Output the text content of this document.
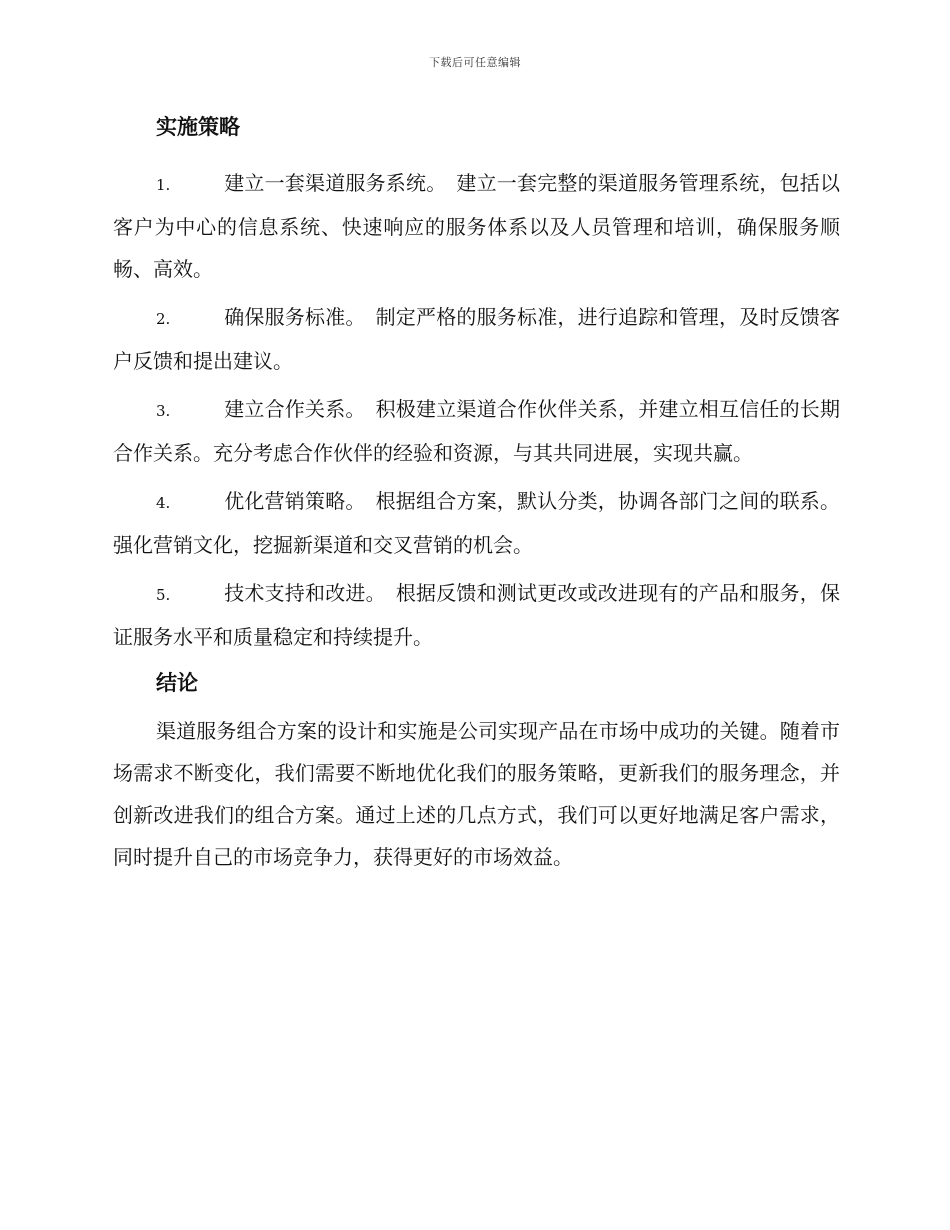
下载后可任意编辑
实施策略

1.	建立一套渠道服务系统。 建立一套完整的渠道服务管理系统，包括以客户为中心的信息系统、快速响应的服务体系以及人员管理和培训，确保服务顺畅、高效。

2.	确保服务标准。 制定严格的服务标准，进行追踪和管理，及时反馈客户反馈和提出建议。

3.	建立合作关系。 积极建立渠道合作伙伴关系，并建立相互信任的长期合作关系。充分考虑合作伙伴的经验和资源，与其共同进展，实现共赢。

4.	优化营销策略。 根据组合方案，默认分类，协调各部门之间的联系。强化营销文化，挖掘新渠道和交叉营销的机会。

5.	技术支持和改进。 根据反馈和测试更改或改进现有的产品和服务，保证服务水平和质量稳定和持续提升。

结论

渠道服务组合方案的设计和实施是公司实现产品在市场中成功的关键。随着市场需求不断变化，我们需要不断地优化我们的服务策略，更新我们的服务理念，并创新改进我们的组合方案。通过上述的几点方式，我们可以更好地满足客户需求，同时提升自己的市场竞争力，获得更好的市场效益。
